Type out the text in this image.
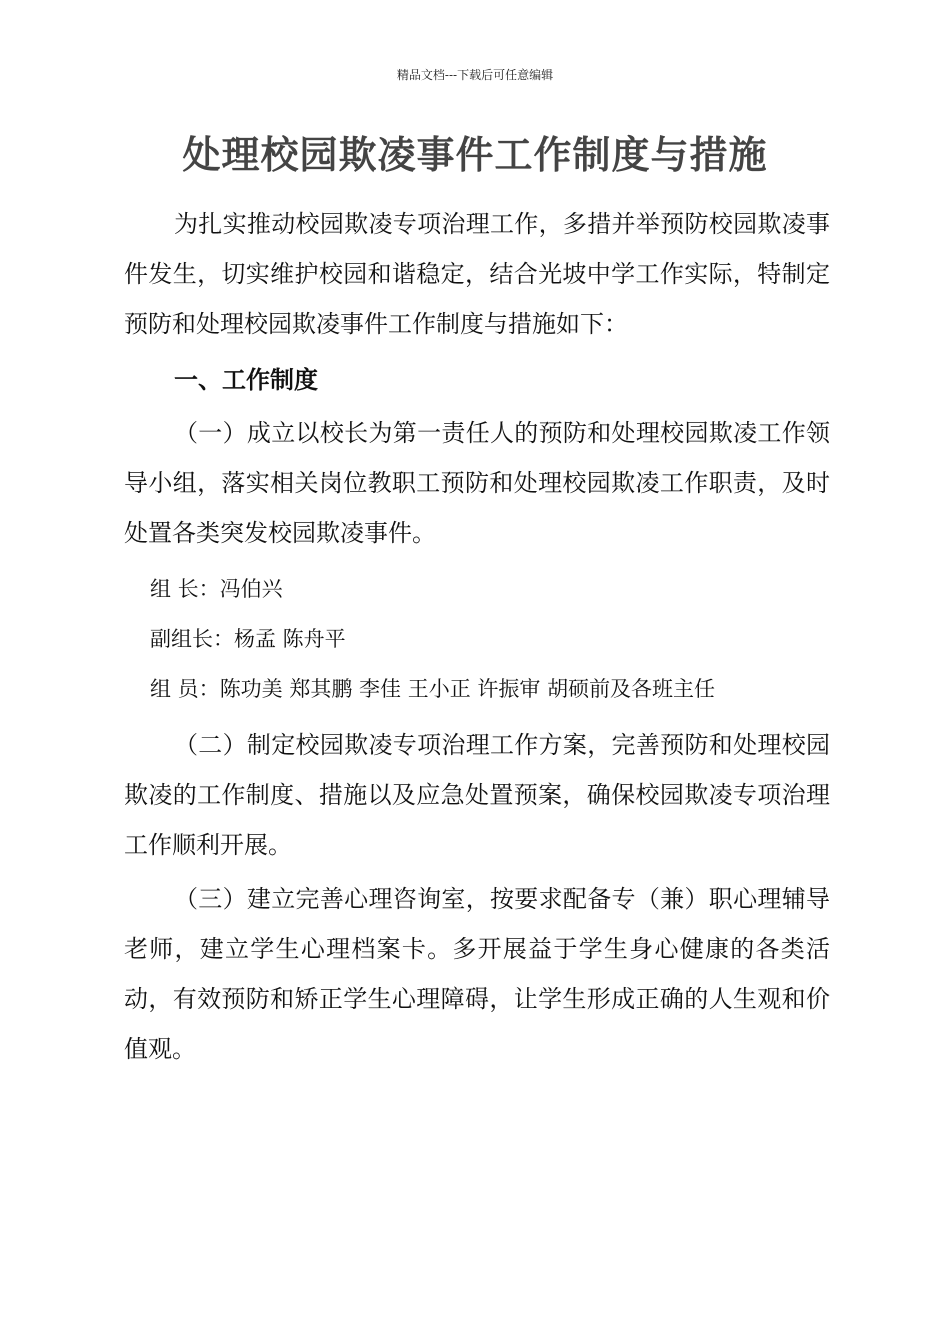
精品文档---下载后可任意编辑
处理校园欺凌事件工作制度与措施

为扎实推动校园欺凌专项治理工作，多措并举预防校园欺凌事件发生，切实维护校园和谐稳定，结合光坡中学工作实际，特制定预防和处理校园欺凌事件工作制度与措施如下：

一、工作制度

（一）成立以校长为第一责任人的预防和处理校园欺凌工作领导小组，落实相关岗位教职工预防和处理校园欺凌工作职责，及时处置各类突发校园欺凌事件。

组 长：冯伯兴
副组长：杨孟 陈舟平
组 员：陈功美 郑其鹏 李佳 王小正 许振审 胡硕前及各班主任

（二）制定校园欺凌专项治理工作方案，完善预防和处理校园欺凌的工作制度、措施以及应急处置预案，确保校园欺凌专项治理工作顺利开展。

（三）建立完善心理咨询室，按要求配备专（兼）职心理辅导老师，建立学生心理档案卡。多开展益于学生身心健康的各类活动，有效预防和矫正学生心理障碍，让学生形成正确的人生观和价值观。
